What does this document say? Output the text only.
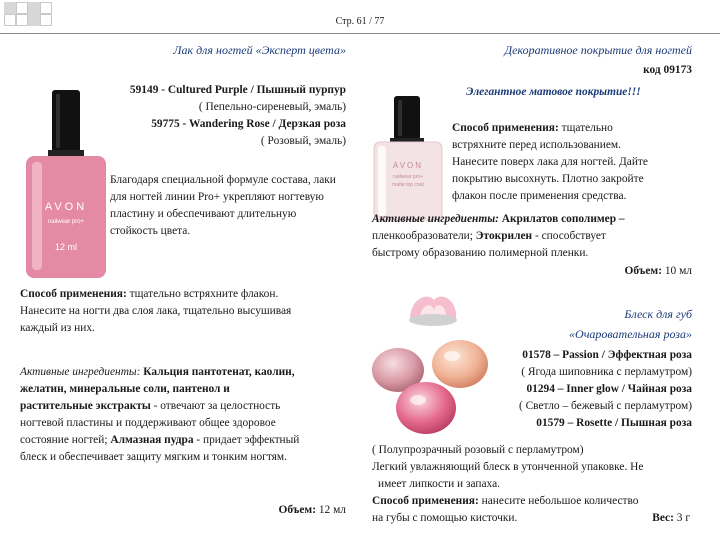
Стр. 61 / 77
Лак для ногтей «Эксперт цвета»
59149 - Cultured Purple / Пышный пурпур
( Пепельно-сиреневый, эмаль)
59775 - Wandering Rose / Дерзкая роза
( Розовый, эмаль)
AVON
nailwear pro+
12 ml
Благодаря специальной формуле состава, лаки
для ногтей линии Pro+ укрепляют ногтевую
пластину и обеспечивают длительную
стойкость цвета.
Способ применения: тщательно встряхните флакон.
Нанесите на ногти два слоя лака, тщательно высушивая
каждый из них.
Активные ингредиенты: Кальция пантотенат, каолин,
желатин, минеральные соли, пантенол и
растительные экстракты - отвечают за целостность
ногтевой пластины и поддерживают общее здоровое
состояние ногтей; Алмазная пудра - придает эффектный
блеск и обеспечивает защиту мягким и тонким ногтям.
Объем: 12 мл
Декоративное покрытие для ногтей
код 09173
Элегантное матовое покрытие!!!
AVON
nailwear pro+
matte top coat
Способ применения: тщательно
встряхните перед использованием.
Нанесите поверх лака для ногтей. Дайте
покрытию высохнуть. Плотно закройте
флакон после применения средства.
Активные ингредиенты: Акрилатов сополимер –
пленкообразователи; Этокрилен - способствует
быстрому образованию полимерной пленки.
Объем: 10 мл
Блеск для губ
«Очаровательная роза»
01578 – Passion / Эффектная роза
( Ягода шиповника с перламутром)
01294 – Inner glow / Чайная роза
( Светло – бежевый с перламутром)
01579 – Rosette / Пышная роза
( Полупрозрачный розовый с перламутром)
Легкий увлажняющий блеск в утонченной упаковке. Не
имеет липкости и запаха.
Способ применения: нанесите небольшое количество
на губы с помощью кисточки.	Вес: 3 г
